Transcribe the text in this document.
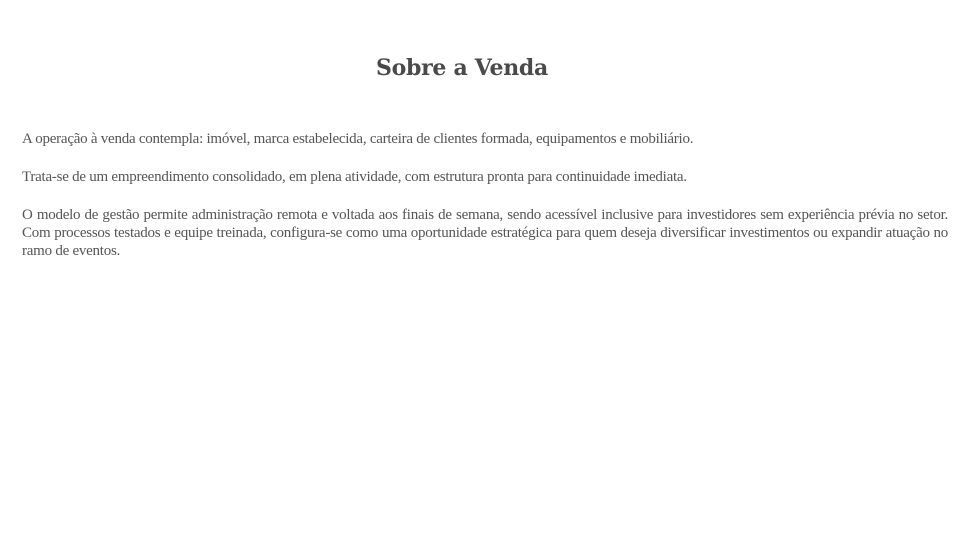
Sobre a Venda

A operação à venda contempla: imóvel, marca estabelecida, carteira de clientes formada, equipamentos e mobiliário.

Trata-se de um empreendimento consolidado, em plena atividade, com estrutura pronta para continuidade imediata.

O modelo de gestão permite administração remota e voltada aos finais de semana, sendo acessível inclusive para investidores sem experiência prévia no setor. Com processos testados e equipe treinada, configura-se como uma oportunidade estratégica para quem deseja diversificar investimentos ou expandir atuação no ramo de eventos.
